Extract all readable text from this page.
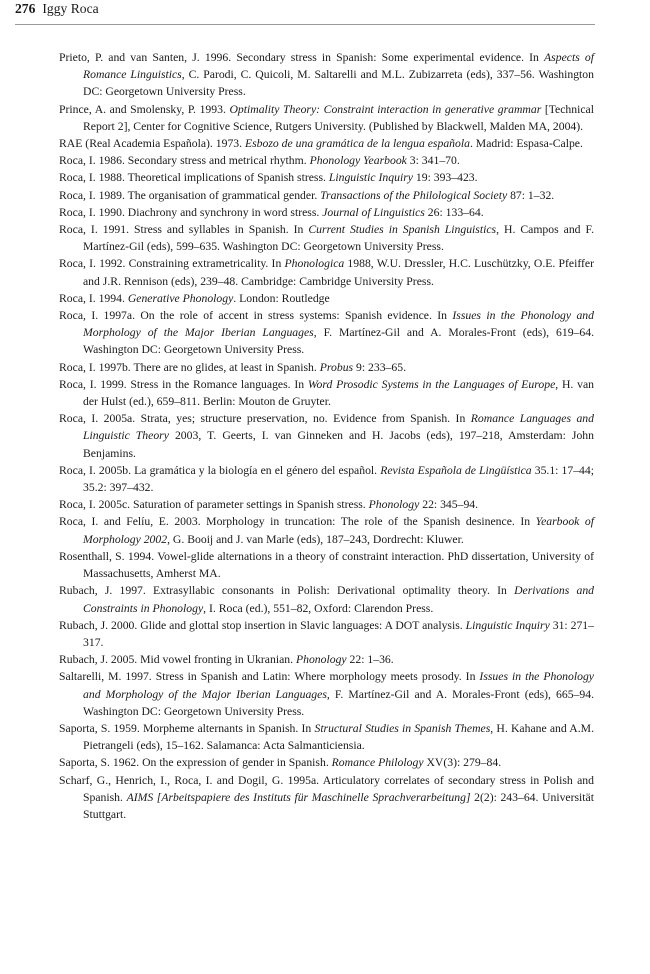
276 Iggy Roca
Prieto, P. and van Santen, J. 1996. Secondary stress in Spanish: Some experimental evidence. In Aspects of Romance Linguistics, C. Parodi, C. Quicoli, M. Saltarelli and M.L. Zubizarreta (eds), 337–56. Washington DC: Georgetown University Press.
Prince, A. and Smolensky, P. 1993. Optimality Theory: Constraint interaction in generative grammar [Technical Report 2], Center for Cognitive Science, Rutgers University. (Published by Blackwell, Malden MA, 2004).
RAE (Real Academia Española). 1973. Esbozo de una gramática de la lengua española. Madrid: Espasa-Calpe.
Roca, I. 1986. Secondary stress and metrical rhythm. Phonology Yearbook 3: 341–70.
Roca, I. 1988. Theoretical implications of Spanish stress. Linguistic Inquiry 19: 393–423.
Roca, I. 1989. The organisation of grammatical gender. Transactions of the Philological Society 87: 1–32.
Roca, I. 1990. Diachrony and synchrony in word stress. Journal of Linguistics 26: 133–64.
Roca, I. 1991. Stress and syllables in Spanish. In Current Studies in Spanish Linguistics, H. Campos and F. Martínez-Gil (eds), 599–635. Washington DC: Georgetown University Press.
Roca, I. 1992. Constraining extrametricality. In Phonologica 1988, W.U. Dressler, H.C. Luschützky, O.E. Pfeiffer and J.R. Rennison (eds), 239–48. Cambridge: Cambridge University Press.
Roca, I. 1994. Generative Phonology. London: Routledge
Roca, I. 1997a. On the role of accent in stress systems: Spanish evidence. In Issues in the Phonology and Morphology of the Major Iberian Languages, F. Martínez-Gil and A. Morales-Front (eds), 619–64. Washington DC: Georgetown University Press.
Roca, I. 1997b. There are no glides, at least in Spanish. Probus 9: 233–65.
Roca, I. 1999. Stress in the Romance languages. In Word Prosodic Systems in the Languages of Europe, H. van der Hulst (ed.), 659–811. Berlin: Mouton de Gruyter.
Roca, I. 2005a. Strata, yes; structure preservation, no. Evidence from Spanish. In Romance Languages and Linguistic Theory 2003, T. Geerts, I. van Ginneken and H. Jacobs (eds), 197–218, Amsterdam: John Benjamins.
Roca, I. 2005b. La gramática y la biología en el género del español. Revista Española de Lingüística 35.1: 17–44; 35.2: 397–432.
Roca, I. 2005c. Saturation of parameter settings in Spanish stress. Phonology 22: 345–94.
Roca, I. and Felíu, E. 2003. Morphology in truncation: The role of the Spanish desinence. In Yearbook of Morphology 2002, G. Booij and J. van Marle (eds), 187–243, Dordrecht: Kluwer.
Rosenthall, S. 1994. Vowel-glide alternations in a theory of constraint interaction. PhD dissertation, University of Massachusetts, Amherst MA.
Rubach, J. 1997. Extrasyllabic consonants in Polish: Derivational optimality theory. In Derivations and Constraints in Phonology, I. Roca (ed.), 551–82, Oxford: Clarendon Press.
Rubach, J. 2000. Glide and glottal stop insertion in Slavic languages: A DOT analysis. Linguistic Inquiry 31: 271–317.
Rubach, J. 2005. Mid vowel fronting in Ukranian. Phonology 22: 1–36.
Saltarelli, M. 1997. Stress in Spanish and Latin: Where morphology meets prosody. In Issues in the Phonology and Morphology of the Major Iberian Languages, F. Martínez-Gil and A. Morales-Front (eds), 665–94. Washington DC: Georgetown University Press.
Saporta, S. 1959. Morpheme alternants in Spanish. In Structural Studies in Spanish Themes, H. Kahane and A.M. Pietrangeli (eds), 15–162. Salamanca: Acta Salmanticiensia.
Saporta, S. 1962. On the expression of gender in Spanish. Romance Philology XV(3): 279–84.
Scharf, G., Henrich, I., Roca, I. and Dogil, G. 1995a. Articulatory correlates of secondary stress in Polish and Spanish. AIMS [Arbeitspapiere des Instituts für Maschinelle Sprachverarbeitung] 2(2): 243–64. Universität Stuttgart.
